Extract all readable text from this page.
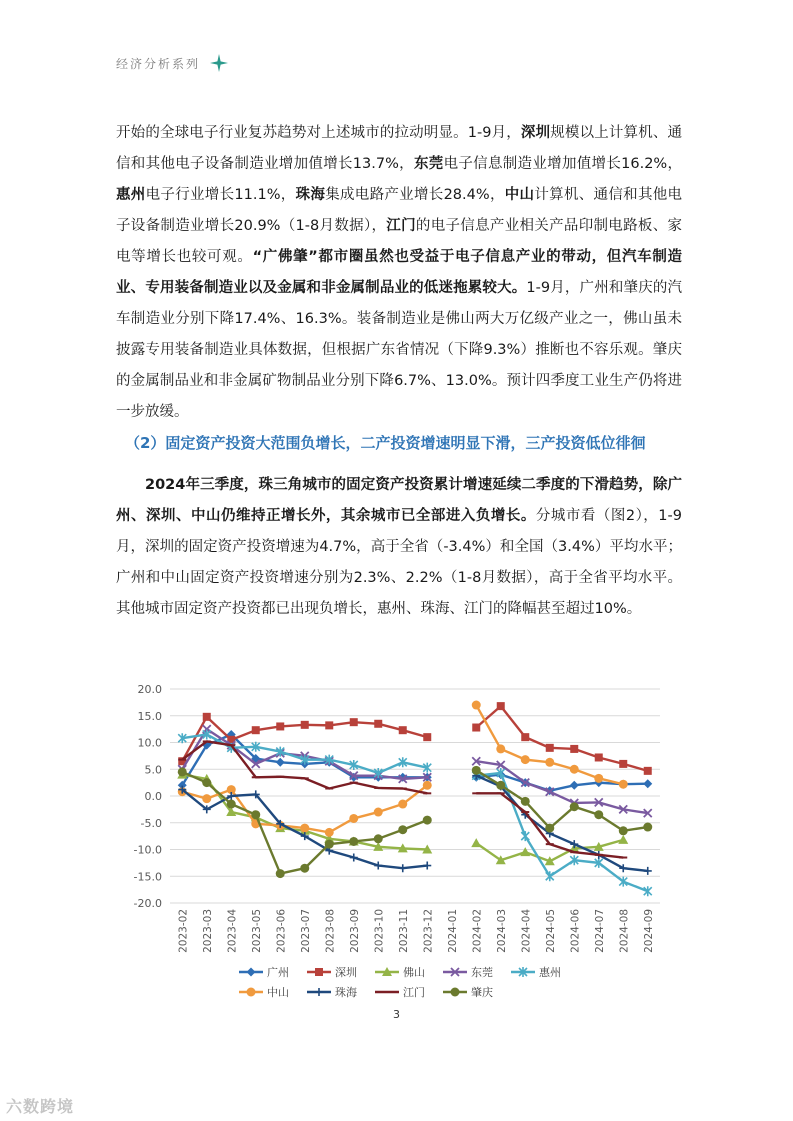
经济分析系列
开始的全球电子行业复苏趋势对上述城市的拉动明显。1-9月，深圳规模以上计算机、通信和其他电子设备制造业增加值增长13.7%，东莞电子信息制造业增加值增长16.2%，惠州电子行业增长11.1%，珠海集成电路产业增长28.4%，中山计算机、通信和其他电子设备制造业增长20.9%（1-8月数据），江门的电子信息产业相关产品印制电路板、家电等增长也较可观。“广佛肇”都市圈虽然也受益于电子信息产业的带动，但汽车制造业、专用装备制造业以及金属和非金属制品业的低迷拖累较大。1-9月，广州和肇庆的汽车制造业分别下降17.4%、16.3%。装备制造业是佛山两大万亿级产业之一，佛山虽未披露专用装备制造业具体数据，但根据广东省情况（下降9.3%）推断也不容乐观。肇庆的金属制品业和非金属矿物制品业分别下降6.7%、13.0%。预计四季度工业生产仍将进一步放缓。
（2）固定资产投资大范围负增长，二产投资增速明显下滑，三产投资低位徘徊
2024年三季度，珠三角城市的固定资产投资累计增速延续二季度的下滑趋势，除广州、深圳、中山仍维持正增长外，其余城市已全部进入负增长。分城市看（图2），1-9月，深圳的固定资产投资增速为4.7%，高于全省（-3.4%）和全国（3.4%）平均水平；广州和中山固定资产投资增速分别为2.3%、2.2%（1-8月数据），高于全省平均水平。其他城市固定资产投资都已出现负增长，惠州、珠海、江门的降幅甚至超过10%。
20.0
15.0
10.0
5.0
0.0
-5.0
-10.0
-15.0
-20.0
2023-02 2023-03 2023-04 2023-05 2023-06 2023-07 2023-08 2023-09 2023-10 2023-11 2023-12 2024-01 2024-02 2024-03 2024-04 2024-05 2024-06 2024-07 2024-08 2024-09
广州	深圳	佛山	东莞	惠州
中山	珠海	江门	肇庆
3
六数跨境
